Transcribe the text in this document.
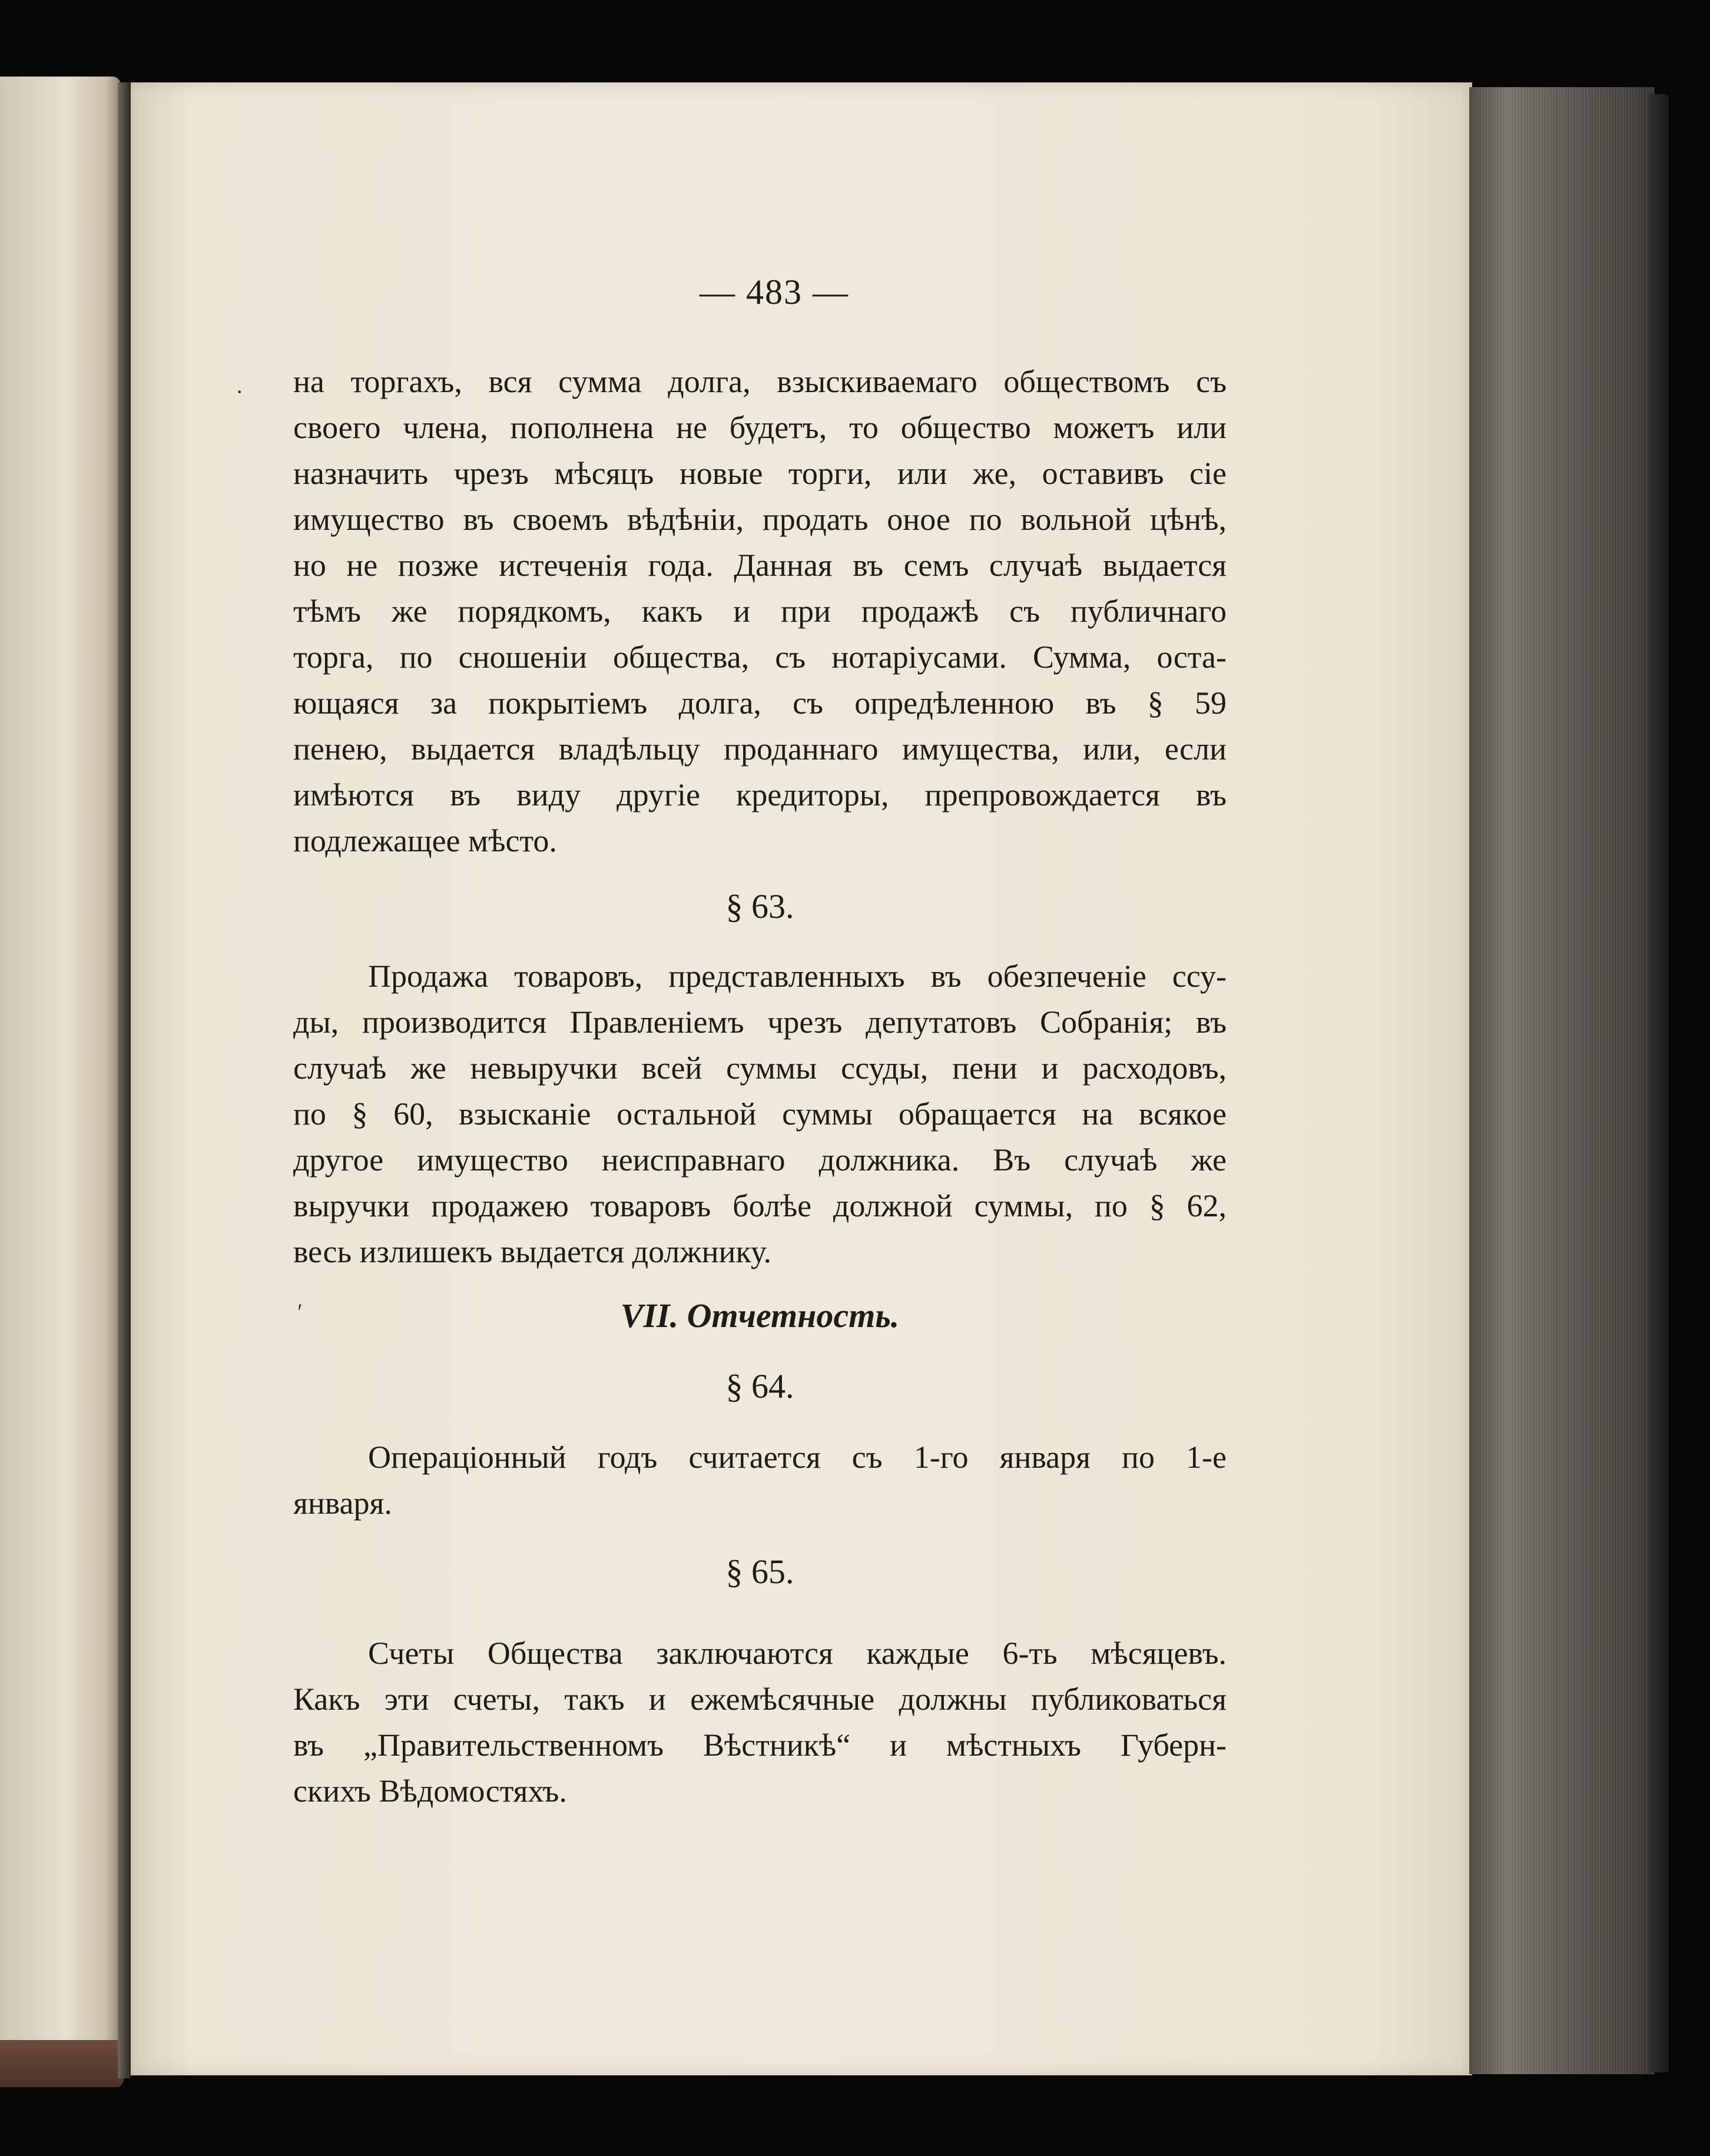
— 483 —
· на торгахъ, вся сумма долга, взыскиваемаго обществомъ съ
своего члена, пополнена не будетъ, то общество можетъ или
назначить чрезъ мѣсяцъ новые торги, или же, оставивъ сіе
имущество въ своемъ вѣдѣніи, продать оное по вольной цѣнѣ,
но не позже истеченія года. Данная въ семъ случаѣ выдается
тѣмъ же порядкомъ, какъ и при продажѣ съ публичнаго
торга, по сношеніи общества, съ нотаріусами. Сумма, оста-
ющаяся за покрытіемъ долга, съ опредѣленною въ § 59
пенею, выдается владѣльцу проданнаго имущества, или, если
имѣются въ виду другіе кредиторы, препровождается въ
подлежащее мѣсто.
§ 63.
Продажа товаровъ, представленныхъ въ обезпеченіе ссу-
ды, производится Правленіемъ чрезъ депутатовъ Собранія; въ
случаѣ же невыручки всей суммы ссуды, пени и расходовъ,
по § 60, взысканіе остальной суммы обращается на всякое
другое имущество неисправнаго должника. Въ случаѣ же
выручки продажею товаровъ болѣе должной суммы, по § 62,
весь излишекъ выдается должнику.
′	VII. Отчетность.
§ 64.
Операціонный годъ считается съ 1-го января по 1-е
января.
§ 65.
Счеты Общества заключаются каждые 6-ть мѣсяцевъ.
Какъ эти счеты, такъ и ежемѣсячные должны публиковаться
въ „Правительственномъ Вѣстникѣ“ и мѣстныхъ Губерн-
скихъ Вѣдомостяхъ.
